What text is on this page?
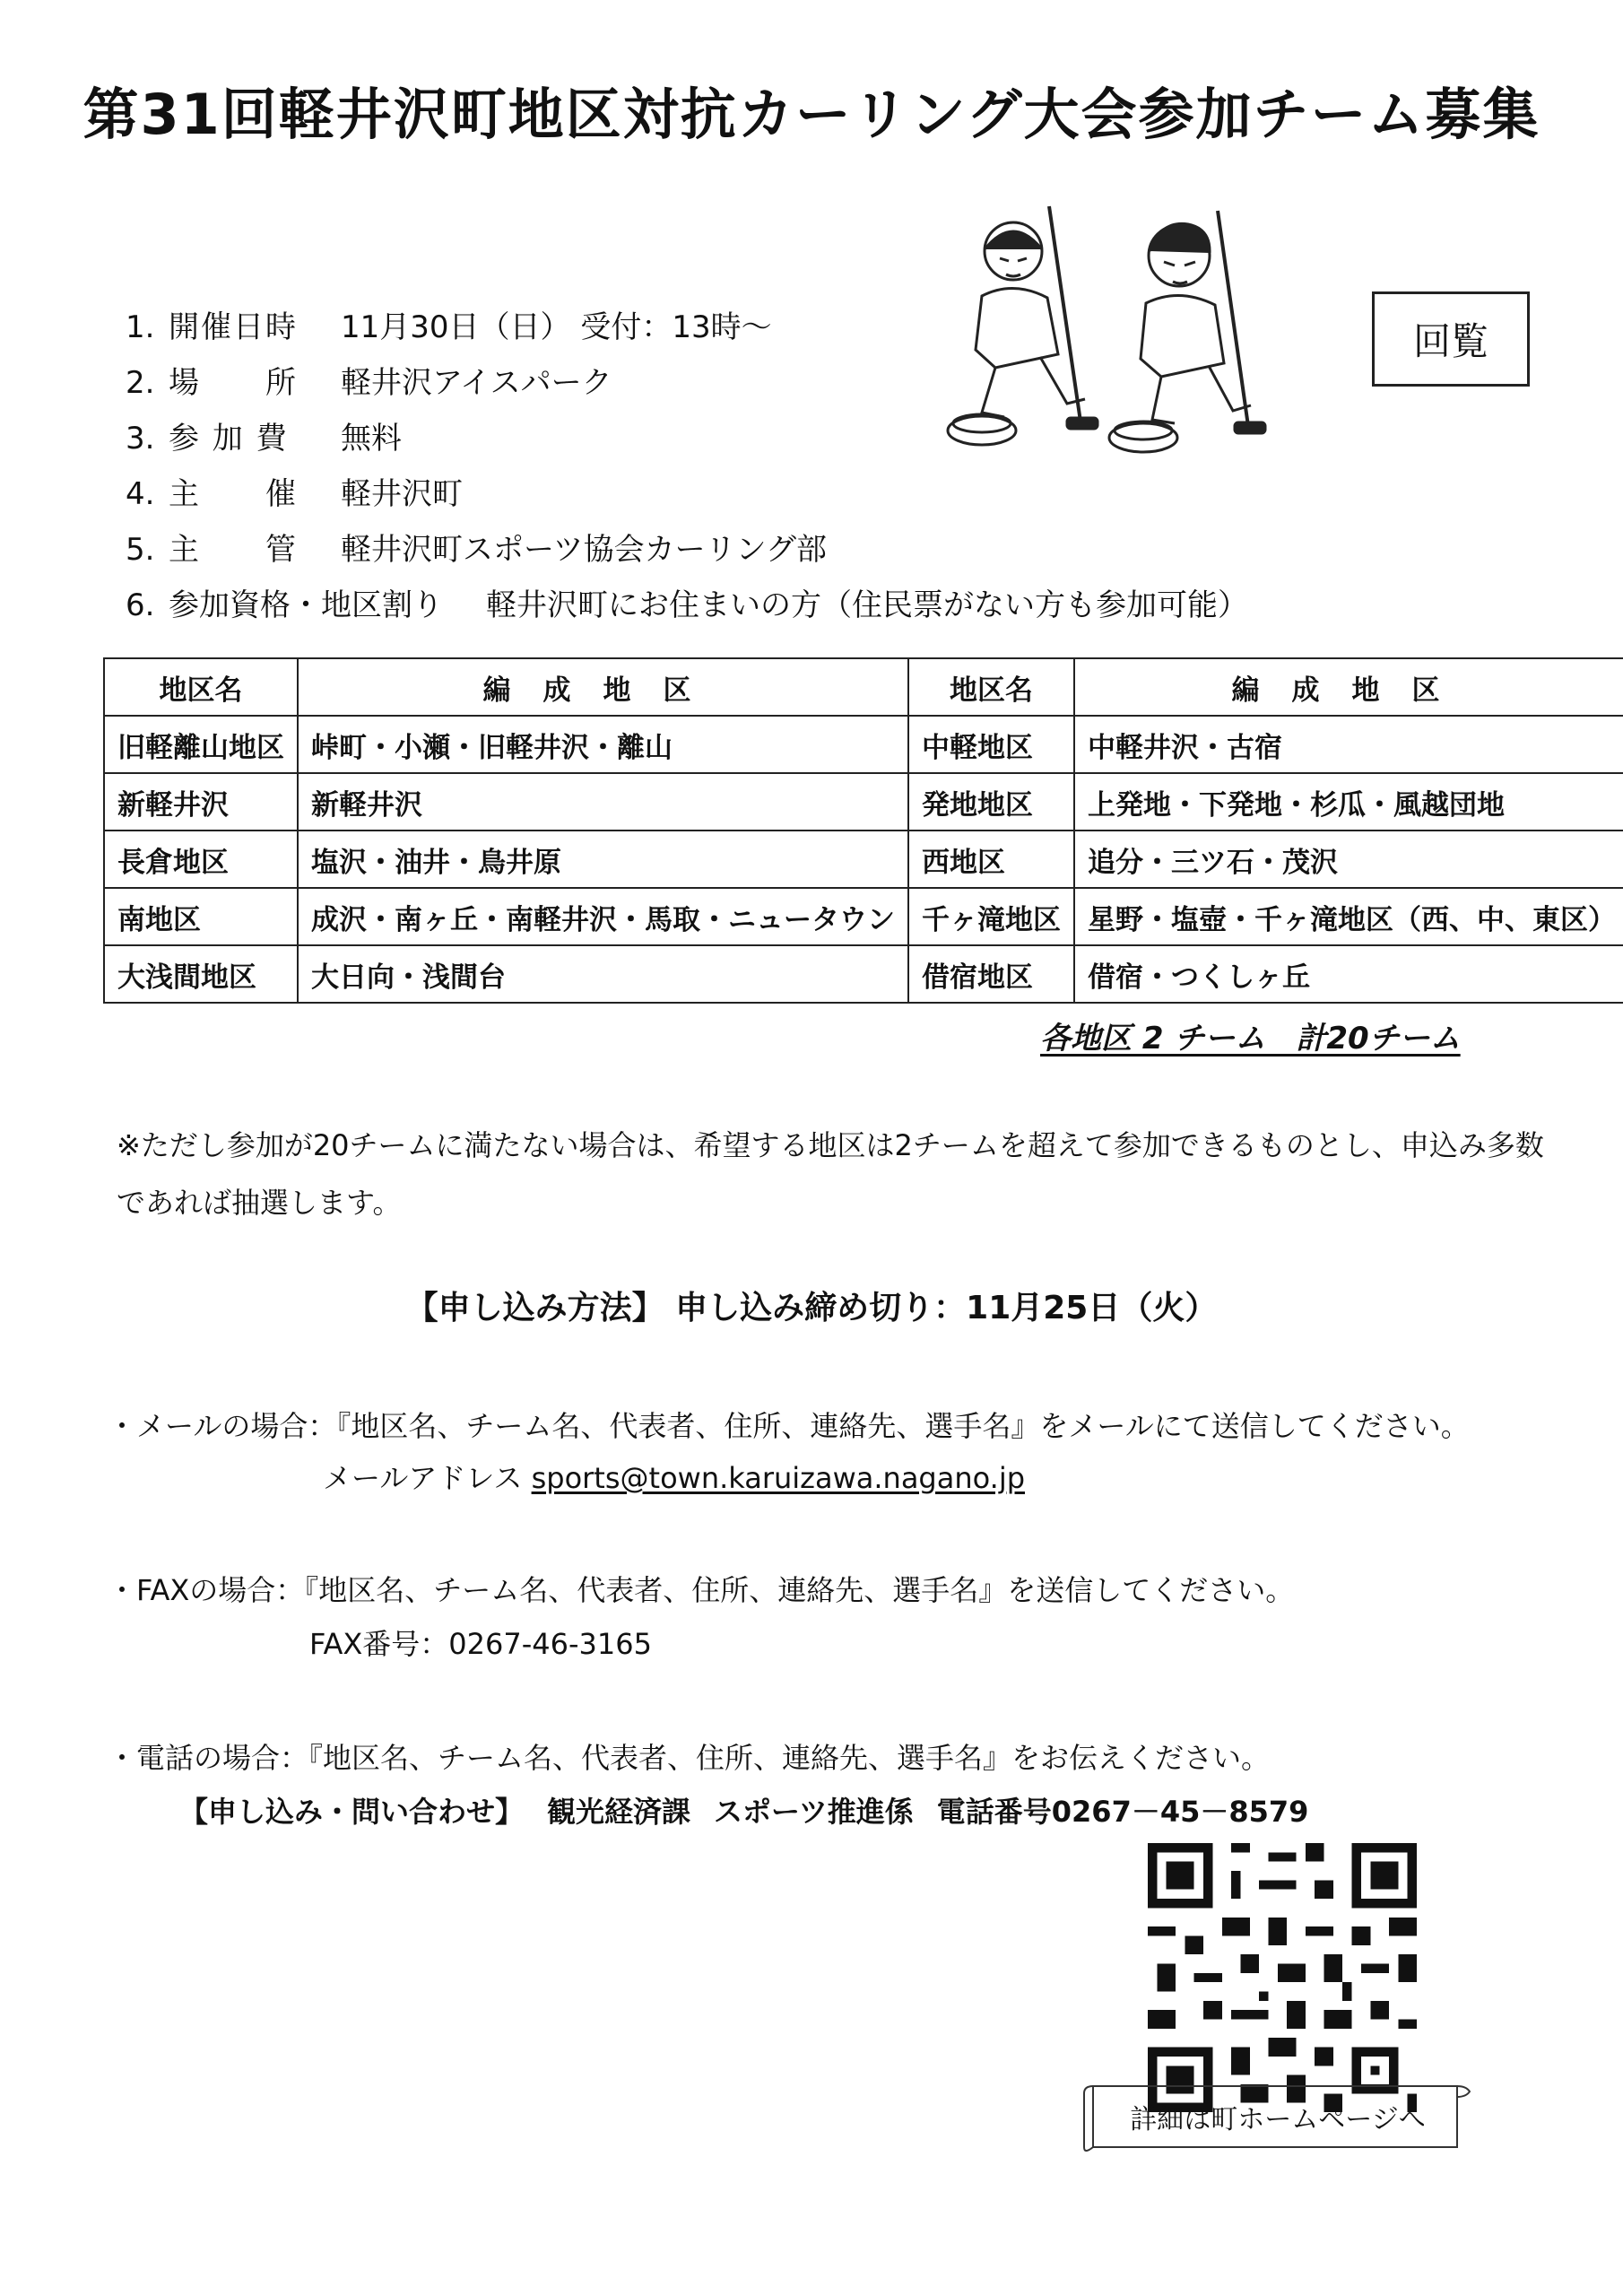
第31回軽井沢町地区対抗カーリング大会参加チーム募集
回覧
1. 開催日時 11月30日（日） 受付：13時～
2. 場　　所 軽井沢アイスパーク
3. 参 加 費 無料
4. 主　　催 軽井沢町
5. 主　　管 軽井沢町スポーツ協会カーリング部
6. 参加資格・地区割り 軽井沢町にお住まいの方（住民票がない方も参加可能）
地区名	編成地区	地区名	編成地区
旧軽離山地区	峠町・小瀬・旧軽井沢・離山	中軽地区	中軽井沢・古宿
新軽井沢	新軽井沢	発地地区	上発地・下発地・杉瓜・風越団地
長倉地区	塩沢・油井・鳥井原	西地区	追分・三ツ石・茂沢
南地区	成沢・南ヶ丘・南軽井沢・馬取・ニュータウン	千ヶ滝地区	星野・塩壺・千ヶ滝地区（西、中、東区）
大浅間地区	大日向・浅間台	借宿地区	借宿・つくしヶ丘
各地区 2 チーム　計20チーム
※ただし参加が20チームに満たない場合は、希望する地区は2チームを超えて参加できるものとし、申込み多数であれば抽選します。
【申し込み方法】 申し込み締め切り：11月25日（火）
・メールの場合：『地区名、チーム名、代表者、住所、連絡先、選手名』をメールにて送信してください。
メールアドレス sports@town.karuizawa.nagano.jp
・FAXの場合：『地区名、チーム名、代表者、住所、連絡先、選手名』を送信してください。
FAX番号：0267-46-3165
・電話の場合：『地区名、チーム名、代表者、住所、連絡先、選手名』をお伝えください。
【申し込み・問い合わせ】 観光経済課 スポーツ推進係 電話番号0267－45－8579
詳細は町ホームページへ
